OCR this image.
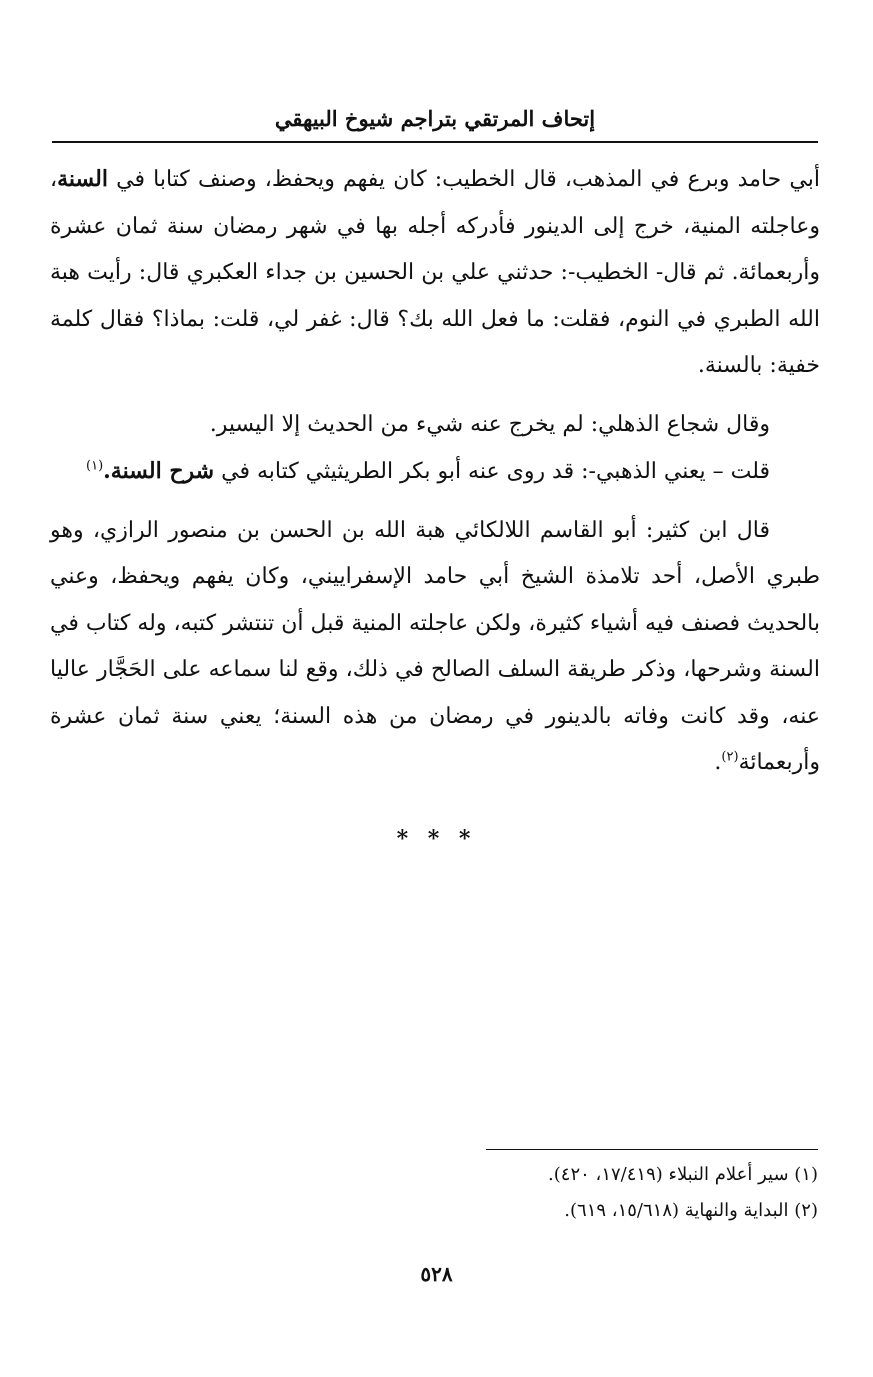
إتحاف المرتقي بتراجم شيوخ البيهقي

أبي حامد وبرع في المذهب، قال الخطيب: كان يفهم ويحفظ، وصنف كتابا في السنة، وعاجلته المنية، خرج إلى الدينور فأدركه أجله بها في شهر رمضان سنة ثمان عشرة وأربعمائة. ثم قال- الخطيب-: حدثني علي بن الحسين بن جداء العكبري قال: رأيت هبة الله الطبري في النوم، فقلت: ما فعل الله بك؟ قال: غفر لي، قلت: بماذا؟ فقال كلمة خفية: بالسنة.

وقال شجاع الذهلي: لم يخرج عنه شيء من الحديث إلا اليسير.

قلت – يعني الذهبي-: قد روى عنه أبو بكر الطريثيثي كتابه في شرح السنة.$^{(١)}$

قال ابن كثير: أبو القاسم اللالكائي هبة الله بن الحسن بن منصور الرازي، وهو طبري الأصل، أحد تلامذة الشيخ أبي حامد الإسفراييني، وكان يفهم ويحفظ، وعني بالحديث فصنف فيه أشياء كثيرة، ولكن عاجلته المنية قبل أن تنتشر كتبه، وله كتاب في السنة وشرحها، وذكر طريقة السلف الصالح في ذلك، وقع لنا سماعه على الحَجَّار عاليا عنه، وقد كانت وفاته بالدينور في رمضان من هذه السنة؛ يعني سنة ثمان عشرة وأربعمائة$^{(٢)}$.

* * *
(١) سير أعلام النبلاء (١٧/٤١٩، ٤٢٠).
(٢) البداية والنهاية (١٥/٦١٨، ٦١٩).
٥٢٨
